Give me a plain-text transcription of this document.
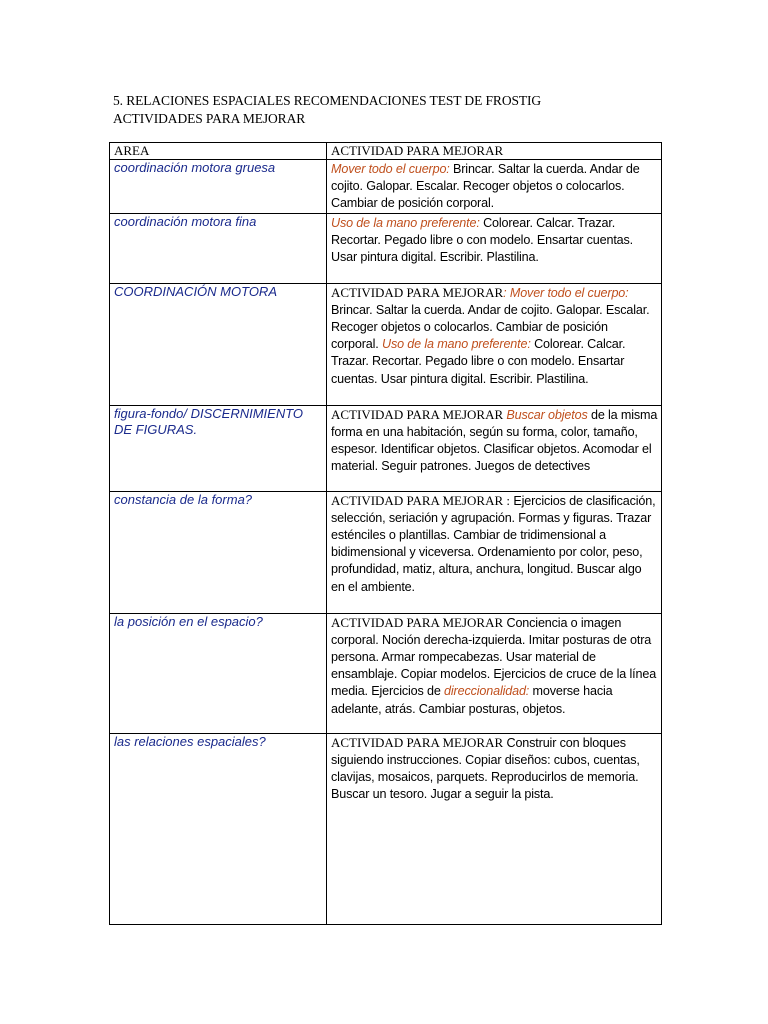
5. RELACIONES ESPACIALES RECOMENDACIONES TEST DE FROSTIG
ACTIVIDADES PARA MEJORAR
AREA	ACTIVIDAD PARA MEJORAR
coordinación motora gruesa	Mover todo el cuerpo: Brincar. Saltar la cuerda. Andar de cojito. Galopar. Escalar. Recoger objetos o colocarlos. Cambiar de posición corporal.
coordinación motora fina	Uso de la mano preferente: Colorear. Calcar. Trazar. Recortar. Pegado libre o con modelo. Ensartar cuentas. Usar pintura digital. Escribir. Plastilina.
COORDINACIÓN MOTORA	ACTIVIDAD PARA MEJORAR: Mover todo el cuerpo: Brincar. Saltar la cuerda. Andar de cojito. Galopar. Escalar. Recoger objetos o colocarlos. Cambiar de posición corporal. Uso de la mano preferente: Colorear. Calcar. Trazar. Recortar. Pegado libre o con modelo. Ensartar cuentas. Usar pintura digital. Escribir. Plastilina.
figura-fondo/ DISCERNIMIENTO DE FIGURAS.	ACTIVIDAD PARA MEJORAR Buscar objetos de la misma forma en una habitación, según su forma, color, tamaño, espesor. Identificar objetos. Clasificar objetos. Acomodar el material. Seguir patrones. Juegos de detectives
constancia de la forma?	ACTIVIDAD PARA MEJORAR : Ejercicios de clasificación, selección, seriación y agrupación. Formas y figuras. Trazar esténciles o plantillas. Cambiar de tridimensional a bidimensional y viceversa. Ordenamiento por color, peso, profundidad, matiz, altura, anchura, longitud. Buscar algo en el ambiente.
la posición en el espacio?	ACTIVIDAD PARA MEJORAR Conciencia o imagen corporal. Noción derecha-izquierda. Imitar posturas de otra persona. Armar rompecabezas. Usar material de ensamblaje. Copiar modelos. Ejercicios de cruce de la línea media. Ejercicios de direccionalidad: moverse hacia adelante, atrás. Cambiar posturas, objetos.
las relaciones espaciales?	ACTIVIDAD PARA MEJORAR Construir con bloques siguiendo instrucciones. Copiar diseños: cubos, cuentas, clavijas, mosaicos, parquets. Reproducirlos de memoria. Buscar un tesoro. Jugar a seguir la pista.
